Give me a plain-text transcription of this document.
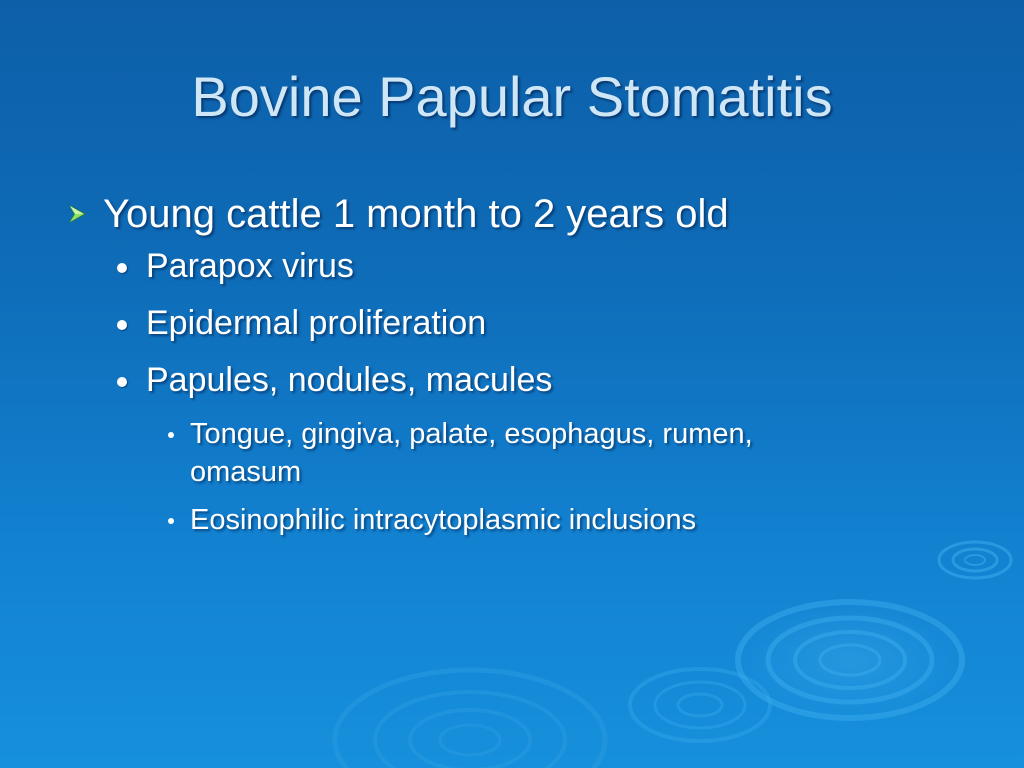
Bovine Papular Stomatitis
Young cattle 1 month to 2 years old
Parapox virus
Epidermal proliferation
Papules, nodules, macules
Tongue, gingiva, palate, esophagus, rumen, omasum
Eosinophilic intracytoplasmic inclusions
